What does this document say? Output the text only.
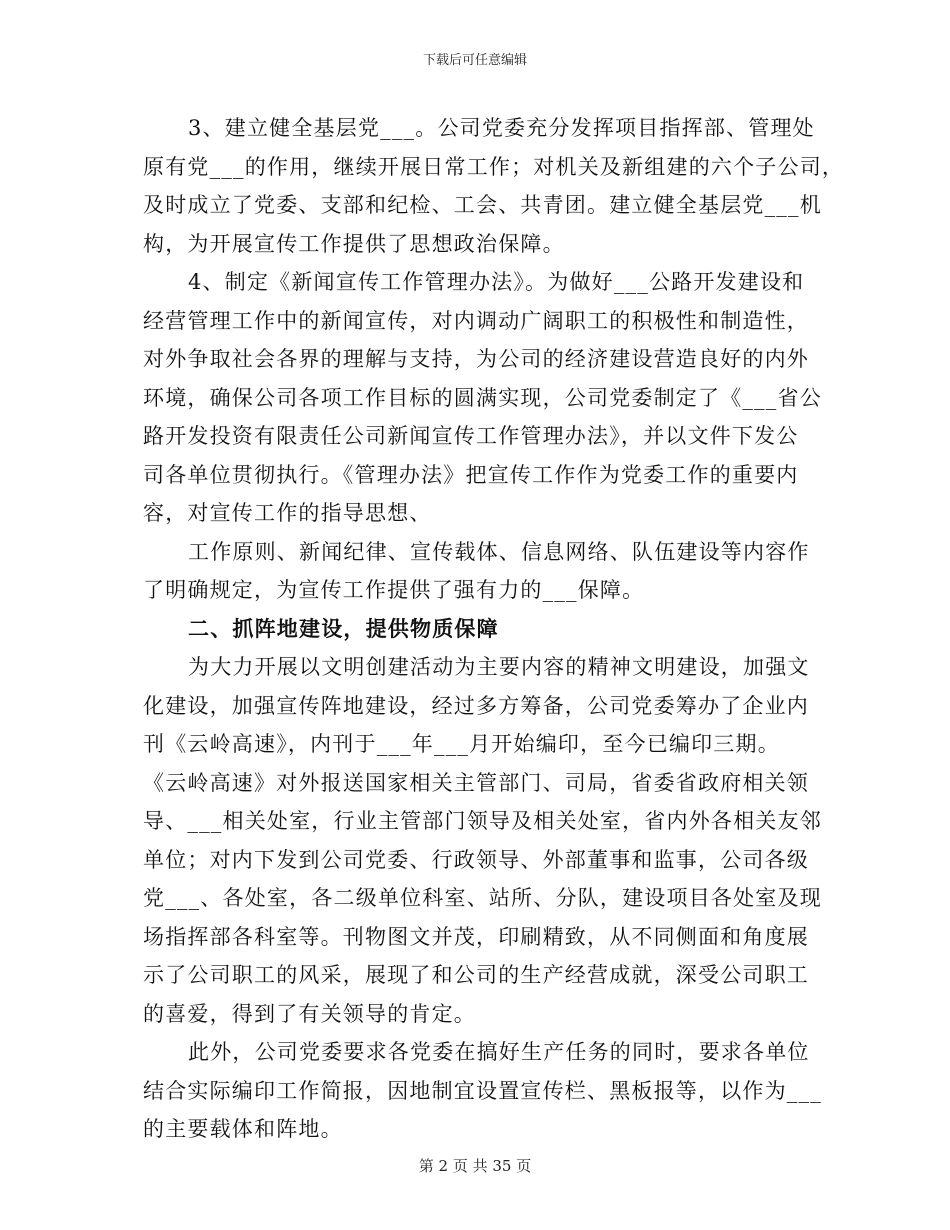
下载后可任意编辑
3、建立健全基层党___。公司党委充分发挥项目指挥部、管理处
原有党___的作用，继续开展日常工作；对机关及新组建的六个子公司，
及时成立了党委、支部和纪检、工会、共青团。建立健全基层党___机
构，为开展宣传工作提供了思想政治保障。
4、制定《新闻宣传工作管理办法》。为做好___公路开发建设和
经营管理工作中的新闻宣传，对内调动广阔职工的积极性和制造性，
对外争取社会各界的理解与支持，为公司的经济建设营造良好的内外
环境，确保公司各项工作目标的圆满实现，公司党委制定了《___省公
路开发投资有限责任公司新闻宣传工作管理办法》，并以文件下发公
司各单位贯彻执行。《管理办法》把宣传工作作为党委工作的重要内
容，对宣传工作的指导思想、
工作原则、新闻纪律、宣传载体、信息网络、队伍建设等内容作
了明确规定，为宣传工作提供了强有力的___保障。
二、抓阵地建设，提供物质保障
为大力开展以文明创建活动为主要内容的精神文明建设，加强文
化建设，加强宣传阵地建设，经过多方筹备，公司党委筹办了企业内
刊《云岭高速》，内刊于___年___月开始编印，至今已编印三期。
《云岭高速》对外报送国家相关主管部门、司局，省委省政府相关领
导、___相关处室，行业主管部门领导及相关处室，省内外各相关友邻
单位；对内下发到公司党委、行政领导、外部董事和监事，公司各级
党___、各处室，各二级单位科室、站所、分队，建设项目各处室及现
场指挥部各科室等。刊物图文并茂，印刷精致，从不同侧面和角度展
示了公司职工的风采，展现了和公司的生产经营成就，深受公司职工
的喜爱，得到了有关领导的肯定。
此外，公司党委要求各党委在搞好生产任务的同时，要求各单位
结合实际编印工作简报，因地制宜设置宣传栏、黑板报等，以作为___
的主要载体和阵地。
第 2 页 共 35 页
